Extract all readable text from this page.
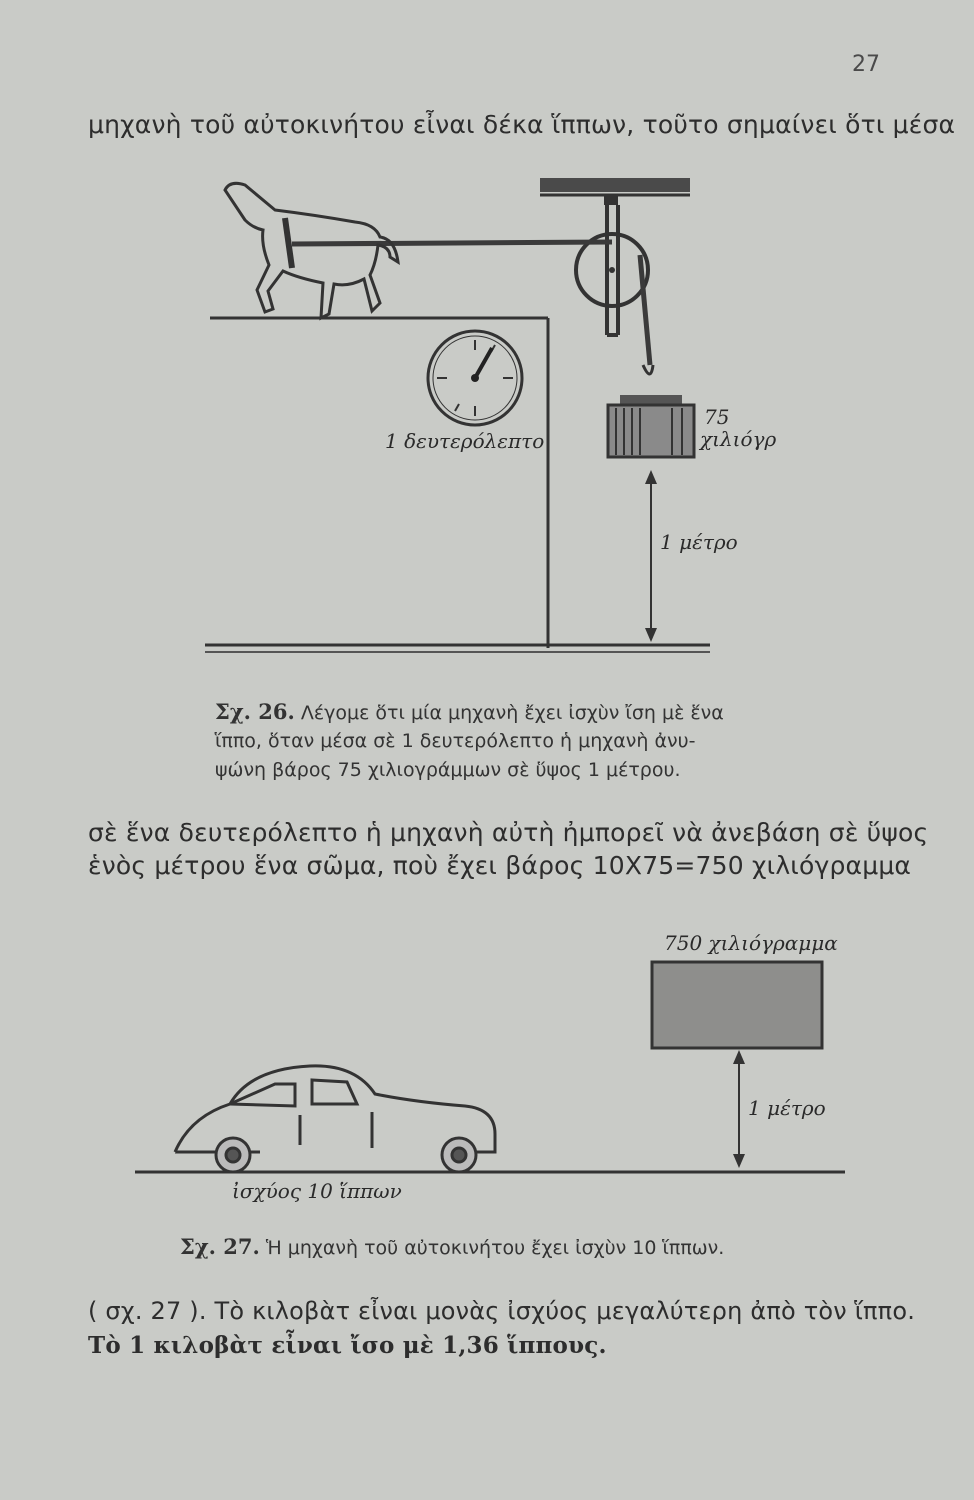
27
μηχανὴ τοῦ αὐτοκινήτου εἶναι δέκα ἵππων, τοῦτο σημαίνει ὅτι μέσα
1 δευτερόλεπτο
75
χιλιόγρ
1 μέτρο
750 χιλιόγραμμα
1 μέτρο
ἰσχύος 10 ἵππων
Σχ. 26. Λέγομε ὅτι μία μηχανὴ ἔχει ἰσχὺν ἴση μὲ ἕνα
ἵππο, ὅταν μέσα σὲ 1 δευτερόλεπτο ἡ μηχανὴ ἀνυ-
ψώνη βάρος 75 χιλιογράμμων σὲ ὕψος 1 μέτρου.
σὲ ἕνα δευτερόλεπτο ἡ μηχανὴ αὐτὴ ἠμπορεῖ νὰ ἀνεβάση σὲ ὕψος
ἑνὸς μέτρου ἕνα σῶμα, ποὺ ἔχει βάρος 10Χ75=750 χιλιόγραμμα
Σχ. 27. Ἡ μηχανὴ τοῦ αὐτοκινήτου ἔχει ἰσχὺν 10 ἵππων.
( σχ. 27 ). Τὸ κιλοβὰτ εἶναι μονὰς ἰσχύος μεγαλύτερη ἀπὸ τὸν ἵππο.
Τὸ 1 κιλοβὰτ εἶναι ἴσο μὲ 1,36 ἵππους.
